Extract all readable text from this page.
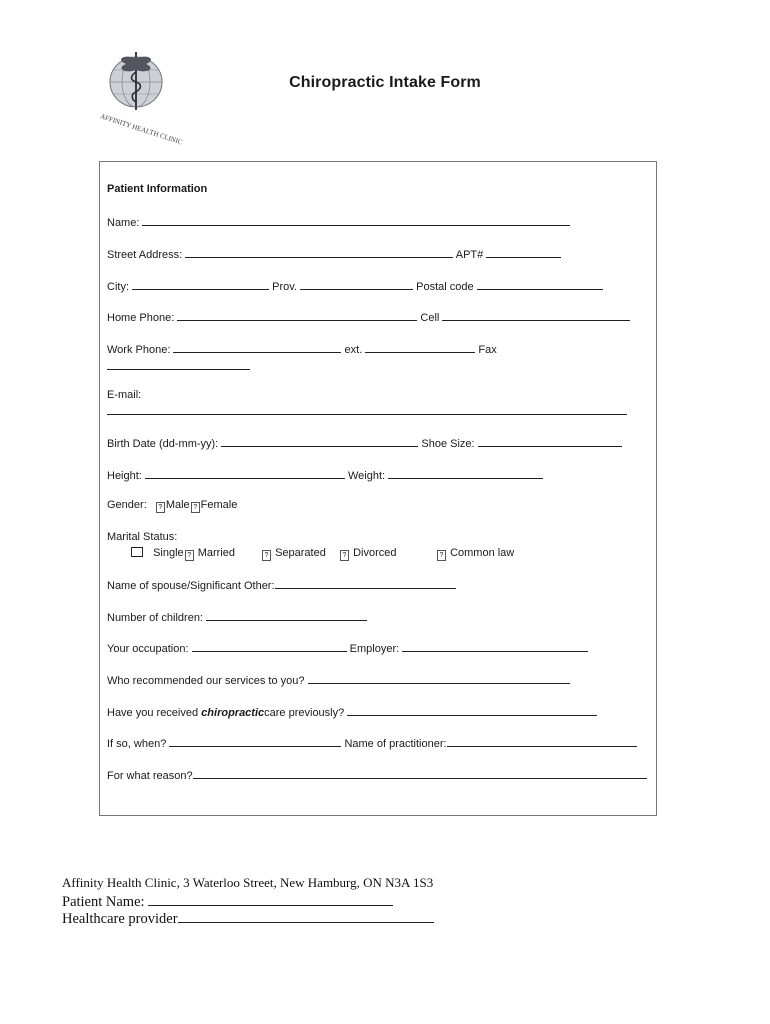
AFFINITY HEALTH CLINIC
Chiropractic Intake Form
Patient Information
Name:
Street Address:	APT#
City:	Prov.	Postal code
Home Phone:	Cell
Work Phone:	ext.	Fax
E-mail:
Birth Date (dd-mm-yy):	Shoe Size:
Height:	Weight:
Gender: ? Male ? Female
Marital Status:
Single ? Married	? Separated	? Divorced	? Common law
Name of spouse/Significant Other:
Number of children:
Your occupation:	Employer:
Who recommended our services to you?
Have you received chiropracticcare previously?
If so, when?	Name of practitioner:
For what reason?
Affinity Health Clinic, 3 Waterloo Street, New Hamburg, ON N3A 1S3
Patient Name:
Healthcare provider
